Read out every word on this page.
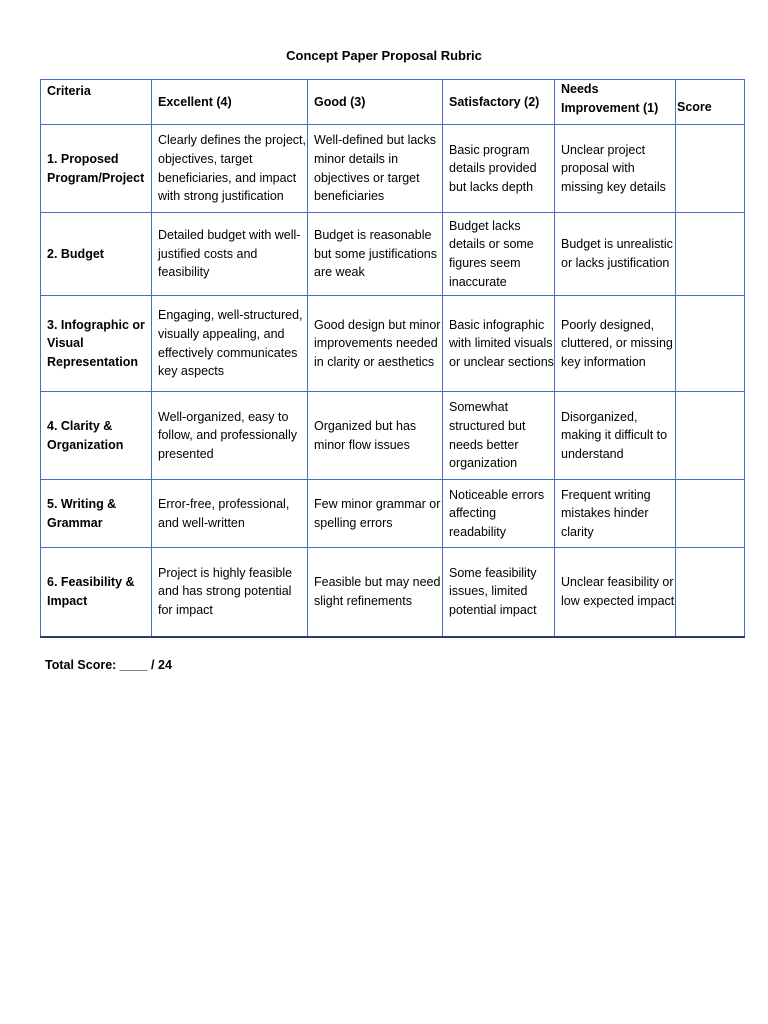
Concept Paper Proposal Rubric
Criteria	Excellent (4)	Good (3)	Satisfactory (2)	Needs Improvement (1)	Score
1. Proposed Program/Project	Clearly defines the project, objectives, target beneficiaries, and impact with strong justification	Well-defined but lacks minor details in objectives or target beneficiaries	Basic program details provided but lacks depth	Unclear project proposal with missing key details	
2. Budget	Detailed budget with well-justified costs and feasibility	Budget is reasonable but some justifications are weak	Budget lacks details or some figures seem inaccurate	Budget is unrealistic or lacks justification	
3. Infographic or Visual Representation	Engaging, well-structured, visually appealing, and effectively communicates key aspects	Good design but minor improvements needed in clarity or aesthetics	Basic infographic with limited visuals or unclear sections	Poorly designed, cluttered, or missing key information	
4. Clarity & Organization	Well-organized, easy to follow, and professionally presented	Organized but has minor flow issues	Somewhat structured but needs better organization	Disorganized, making it difficult to understand	
5. Writing & Grammar	Error-free, professional, and well-written	Few minor grammar or spelling errors	Noticeable errors affecting readability	Frequent writing mistakes hinder clarity	
6. Feasibility & Impact	Project is highly feasible and has strong potential for impact	Feasible but may need slight refinements	Some feasibility issues, limited potential impact	Unclear feasibility or low expected impact	
Total Score: ____ / 24
